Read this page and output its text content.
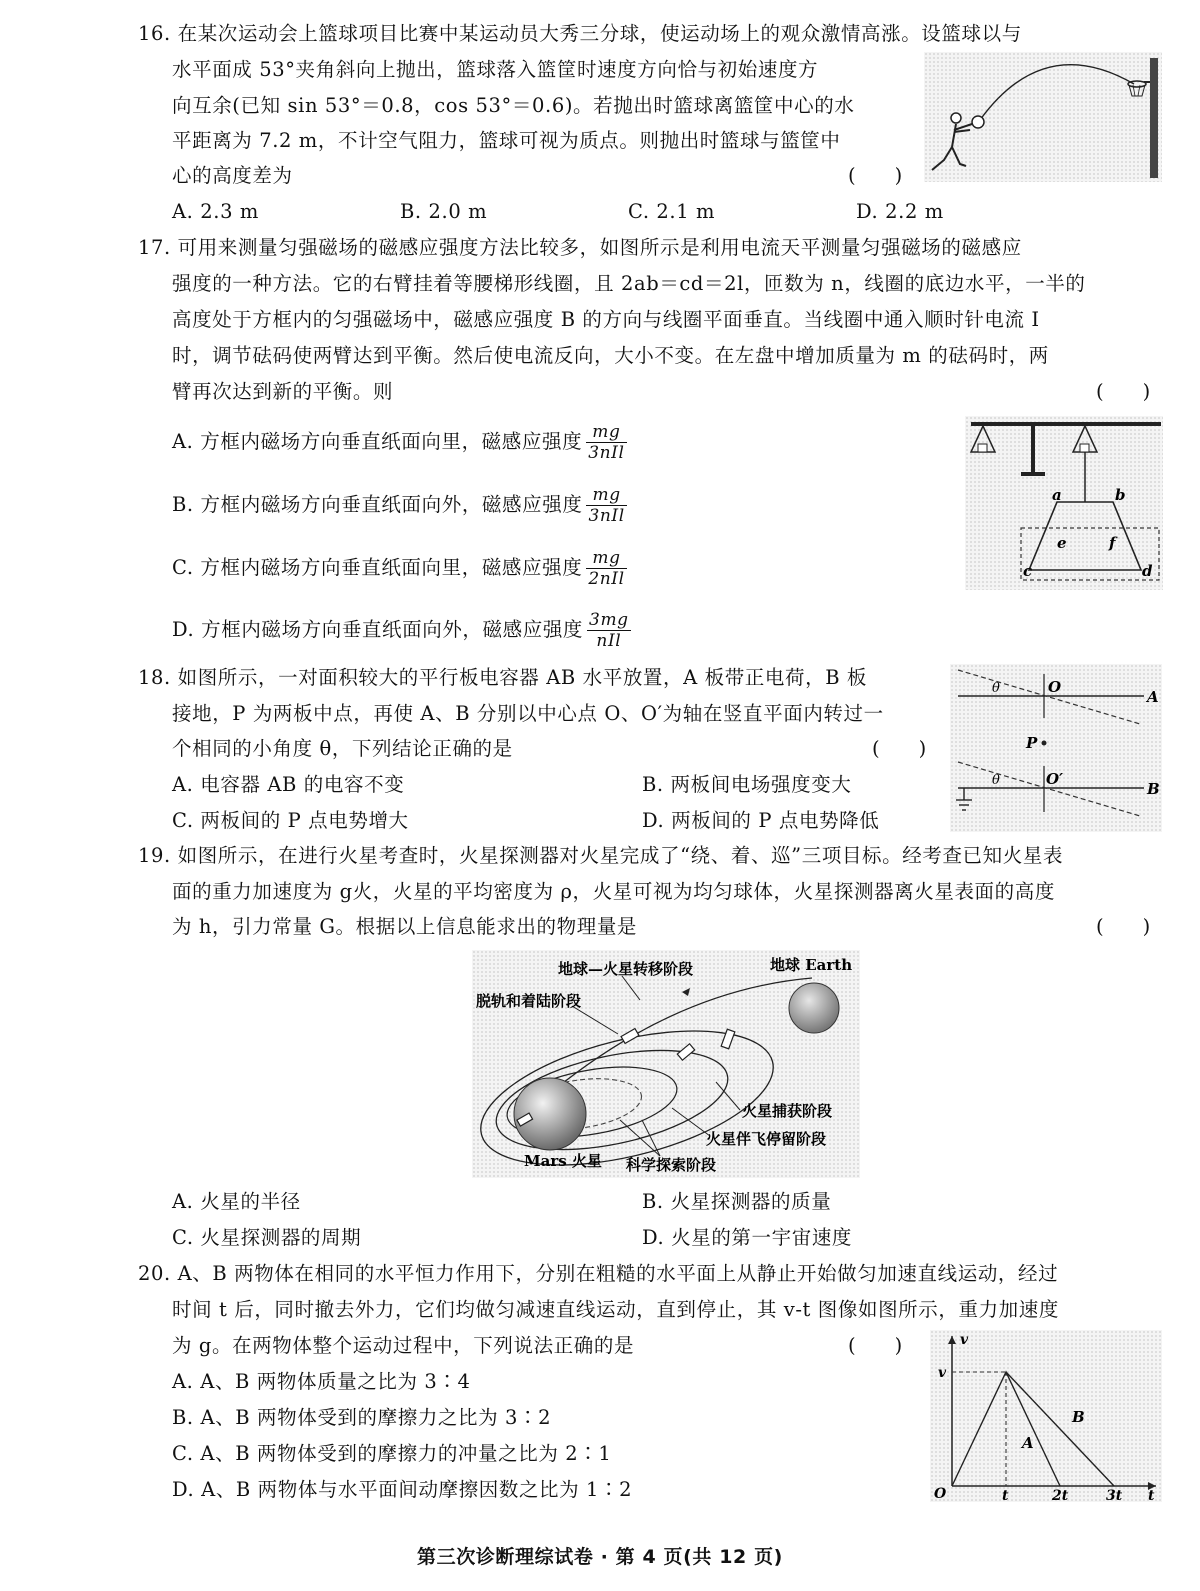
16. 在某次运动会上篮球项目比赛中某运动员大秀三分球，使运动场上的观众激情高涨。设篮球以与
水平面成 53°夹角斜向上抛出，篮球落入篮筐时速度方向恰与初始速度方
向互余(已知 sin 53°＝0.8，cos 53°＝0.6)。若抛出时篮球离篮筐中心的水
平距离为 7.2 m，不计空气阻力，篮球可视为质点。则抛出时篮球与篮筐中
心的高度差为	(　　)
A. 2.3 m	B. 2.0 m	C. 2.1 m	D. 2.2 m
17. 可用来测量匀强磁场的磁感应强度方法比较多，如图所示是利用电流天平测量匀强磁场的磁感应
强度的一种方法。它的右臂挂着等腰梯形线圈，且 2ab＝cd＝2l，匝数为 n，线圈的底边水平，一半的
高度处于方框内的匀强磁场中，磁感应强度 B 的方向与线圈平面垂直。当线圈中通入顺时针电流 I
时，调节砝码使两臂达到平衡。然后使电流反向，大小不变。在左盘中增加质量为 m 的砝码时，两
臂再次达到新的平衡。则	(　　)
A. 方框内磁场方向垂直纸面向里，磁感应强度 $\frac{mg}{\text{3nIl}}$
B. 方框内磁场方向垂直纸面向外，磁感应强度 $\frac{mg}{\text{3nIl}}$
C. 方框内磁场方向垂直纸面向里，磁感应强度 $\frac{mg}{\text{2nIl}}$
D. 方框内磁场方向垂直纸面向外，磁感应强度 $\frac{3mg}{\text{nIl}}$
a	b
e	f
c	d
18. 如图所示，一对面积较大的平行板电容器 AB 水平放置，A 板带正电荷，B 板
接地，P 为两板中点，再使 A、B 分别以中心点 O、O′为轴在竖直平面内转过一
个相同的小角度 θ，下列结论正确的是	(　　)
A. 电容器 AB 的电容不变	B. 两板间电场强度变大
C. 两板间的 P 点电势增大	D. 两板间的 P 点电势降低
θ
θ
O
O′
A
B
P
19. 如图所示，在进行火星考查时，火星探测器对火星完成了“绕、着、巡”三项目标。经考查已知火星表
面的重力加速度为 g火，火星的平均密度为 ρ，火星可视为均匀球体，火星探测器离火星表面的高度
为 h，引力常量 G。根据以上信息能求出的物理量是	(　　)
地球 Earth
地球—火星转移阶段
脱轨和着陆阶段
火星捕获阶段
火星伴飞停留阶段
科学探索阶段
Mars 火星
A. 火星的半径	B. 火星探测器的质量
C. 火星探测器的周期	D. 火星的第一宇宙速度
20. A、B 两物体在相同的水平恒力作用下，分别在粗糙的水平面上从静止开始做匀加速直线运动，经过
时间 t 后，同时撤去外力，它们均做匀减速直线运动，直到停止，其 v-t 图像如图所示，重力加速度
为 g。在两物体整个运动过程中，下列说法正确的是	(　　)
A. A、B 两物体质量之比为 3∶4
B. A、B 两物体受到的摩擦力之比为 3∶2
C. A、B 两物体受到的摩擦力的冲量之比为 2∶1
D. A、B 两物体与水平面间动摩擦因数之比为 1∶2
v
v
O	t	2t	3t t
A
B
第三次诊断理综试卷 · 第 4 页(共 12 页)
